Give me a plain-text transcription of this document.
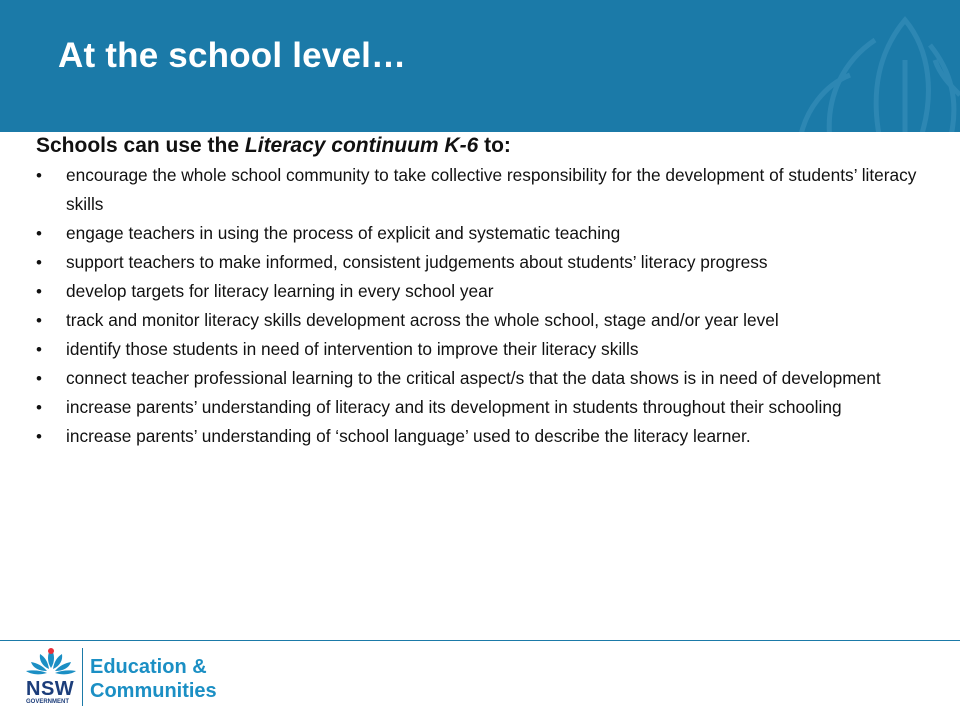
At the school level…

Schools can use the Literacy continuum K-6 to:

• encourage the whole school community to take collective responsibility for the development of students’ literacy skills
• engage teachers in using the process of explicit and systematic teaching
• support teachers to make informed, consistent judgements about students’ literacy progress
• develop targets for literacy learning in every school year
• track and monitor literacy skills development across the whole school, stage and/or year level
• identify those students in need of intervention to improve their literacy skills
• connect teacher professional learning to the critical aspect/s that the data shows is in need of development
• increase parents’ understanding of literacy and its development in students throughout their schooling
• increase parents’ understanding of ‘school language’ used to describe the literacy learner.
NSW
GOVERNMENT
Education &
Communities
